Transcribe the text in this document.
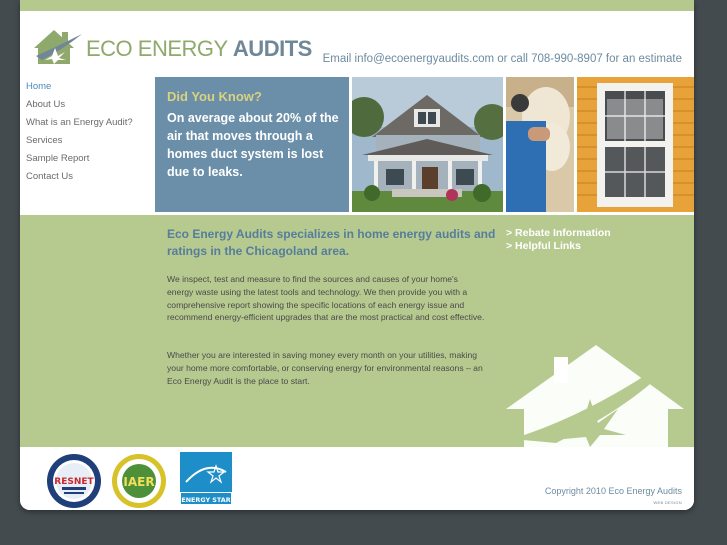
ECO ENERGY AUDITS Email info@ecoenergyaudits.com or call 708-990-8907 for an estimate
Home
About Us
What is an Energy Audit?
Services
Sample Report
Contact Us
Did You Know?
On average about 20% of the air that moves through a homes duct system is lost due to leaks.
Eco Energy Audits specializes in home energy audits and ratings in the Chicagoland area.
We inspect, test and measure to find the sources and causes of your home's energy waste using the latest tools and technology. We then provide you with a comprehensive report showing the specific locations of each energy issue and recommend energy-efficient upgrades that are the most practical and cost effective.
Whether you are interested in saving money every month on your utilities, making your home more comfortable, or conserving energy for environmental reasons – an Eco Energy Audit is the place to start.
> Rebate Information
> Helpful Links
RESNET IAER
ENERGY STAR
Copyright 2010 Eco Energy Audits
WEB DESIGN
